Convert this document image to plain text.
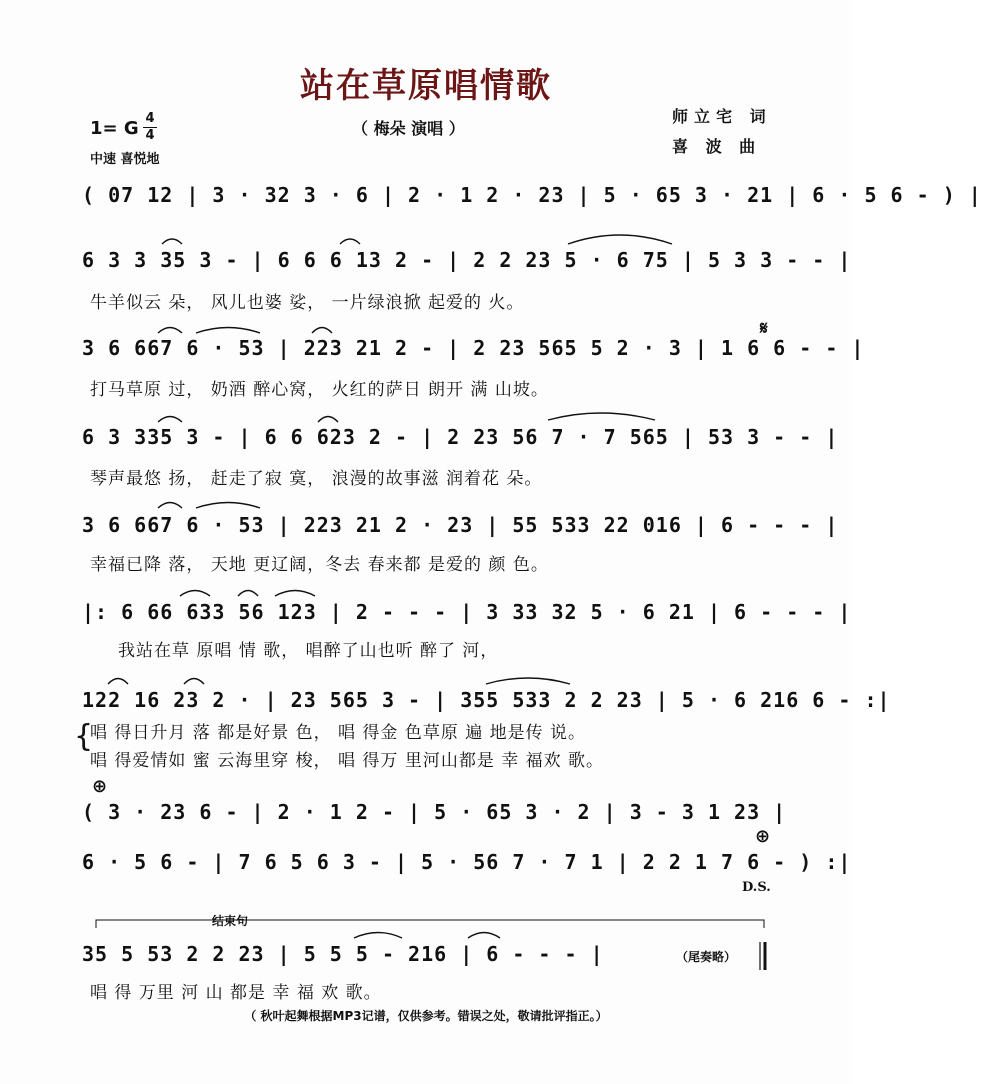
站在草原唱情歌
（ 梅朵 演唱 ）
1= G 4
4
中速 喜悦地
师立宅 词
喜 波 曲
( 07 12 | 3 · 32 3 · 6 | 2 · 1 2 · 23 | 5 · 65 3 · 21 | 6 · 5 6 - ) |
6 3 3 35 3 - | 6 6 6 13 2 - | 2 2 23 5 · 6 75 | 5 3 3 - - |
牛羊似云 朵， 风儿也婆 娑， 一片绿浪掀 起爱的 火。
3 6 667 6 · 53 | 223 21 2 - | 2 23 565 5 2 · 3 | 1 6 6 - - |
打马草原 过， 奶酒 醉心窝， 火红的萨日 朗开 满 山坡。
6 3 335 3 - | 6 6 623 2 - | 2 23 56 7 · 7 565 | 53 3 - - |
琴声最悠 扬， 赶走了寂 寞， 浪漫的故事滋 润着花 朵。
3 6 667 6 · 53 | 223 21 2 · 23 | 55 533 22 016 | 6 - - - |
幸福已降 落， 天地 更辽阔，冬去 春来都 是爱的 颜 色。
|: 6 66 633 56 123 | 2 - - - | 3 33 32 5 · 6 21 | 6 - - - |
我站在草 原唱 情 歌， 唱醉了山也听 醉了 河，
122 16 23 2 · | 23 565 3 - | 355 533 2 2 23 | 5 · 6 216 6 - :|
唱 得日升月 落 都是好景 色， 唱 得金 色草原 遍 地是传 说。
唱 得爱情如 蜜 云海里穿 梭， 唱 得万 里河山都是 幸 福欢 歌。
{
⊕
( 3 · 23 6 - | 2 · 1 2 - | 5 · 65 3 · 2 | 3 - 3 1 23 |
⊕
6 · 5 6 - | 7 6 5 6 3 - | 5 · 56 7 · 7 1 | 2 2 1 7 6 - ) :|
D.S.
𝄋
结束句
35 5 53 2 2 23 | 5 5 5 - 216 | 6 - - - |	（尾奏略）
唱 得 万里 河 山 都是 幸 福 欢 歌。
（ 秋叶起舞根据MP3记谱，仅供参考。错误之处，敬请批评指正。）
